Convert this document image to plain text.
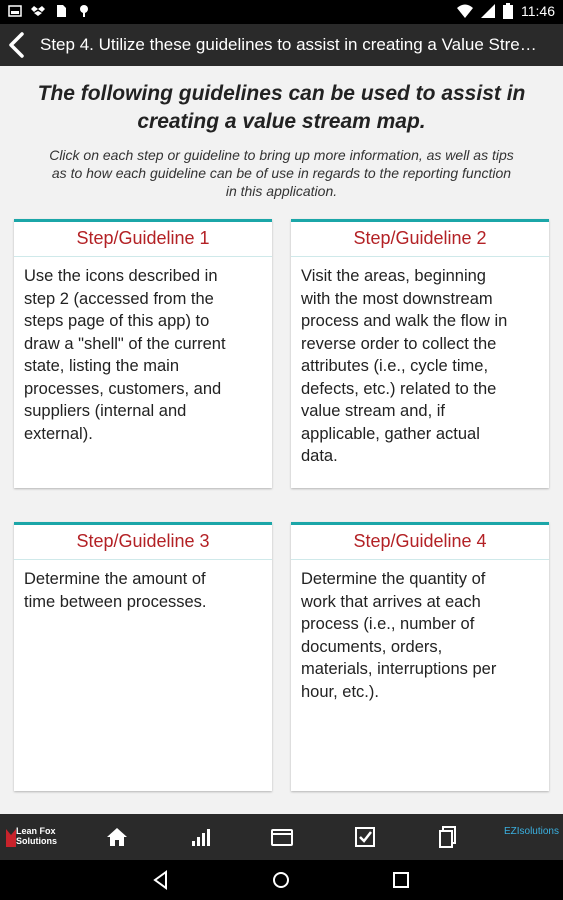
11:46
Step 4. Utilize these guidelines to assist in creating a Value Stre…
The following guidelines can be used to assist in
creating a value stream map.
Click on each step or guideline to bring up more information, as well as tips
as to how each guideline can be of use in regards to the reporting function
in this application.
Step/Guideline 1
Use the icons described in
step 2 (accessed from the
steps page of this app) to
draw a "shell" of the current
state, listing the main
processes, customers, and
suppliers (internal and
external).
Step/Guideline 2
Visit the areas, beginning
with the most downstream
process and walk the flow in
reverse order to collect the
attributes (i.e., cycle time,
defects, etc.) related to the
value stream and, if
applicable, gather actual
data.
Step/Guideline 3
Determine the amount of
time between processes.
Step/Guideline 4
Determine the quantity of
work that arrives at each
process (i.e., number of
documents, orders,
materials, interruptions per
hour, etc.).
Lean Fox
Solutions
EZIsolutions
